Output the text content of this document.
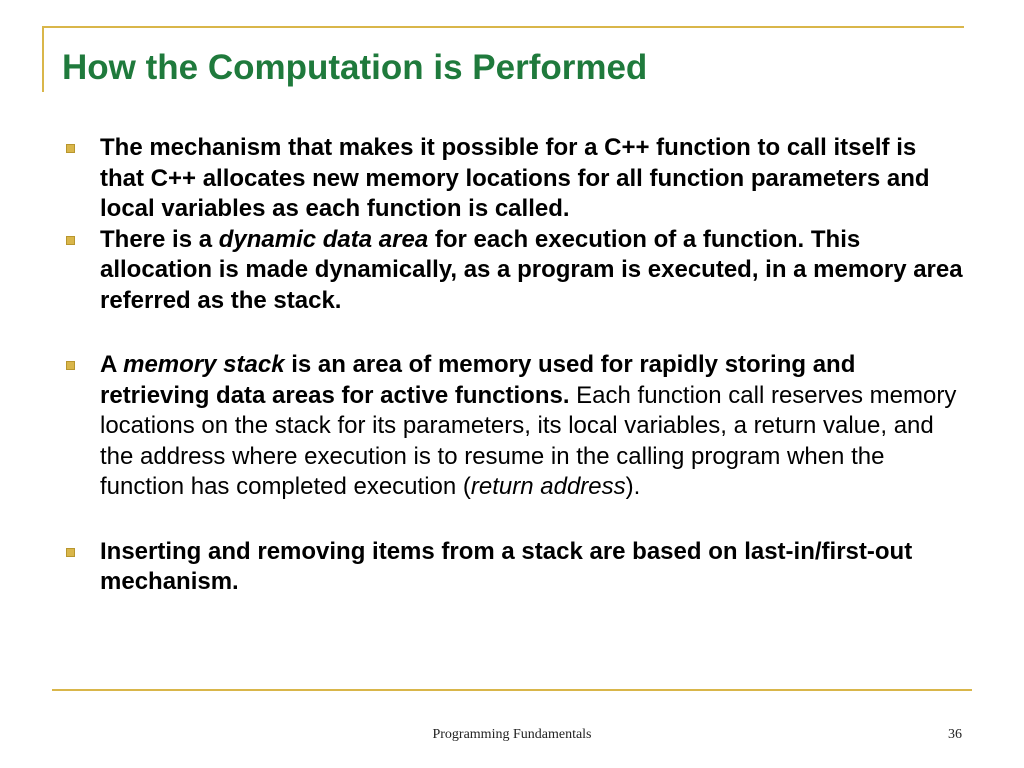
How the Computation is Performed
The mechanism that makes it possible for a C++ function to call itself is that C++ allocates new memory locations for all function parameters and local variables as each function is called.
There is a dynamic data area for each execution of a function. This allocation is made dynamically, as a program is executed, in a memory area referred as the stack.
A memory stack is an area of memory used for rapidly storing and retrieving data areas for active functions. Each function call reserves memory locations on the stack for its parameters, its local variables, a return value, and the address where execution is to resume in the calling program when the function has completed execution (return address).
Inserting and removing items from a stack are based on last-in/first-out mechanism.
Programming Fundamentals	36
